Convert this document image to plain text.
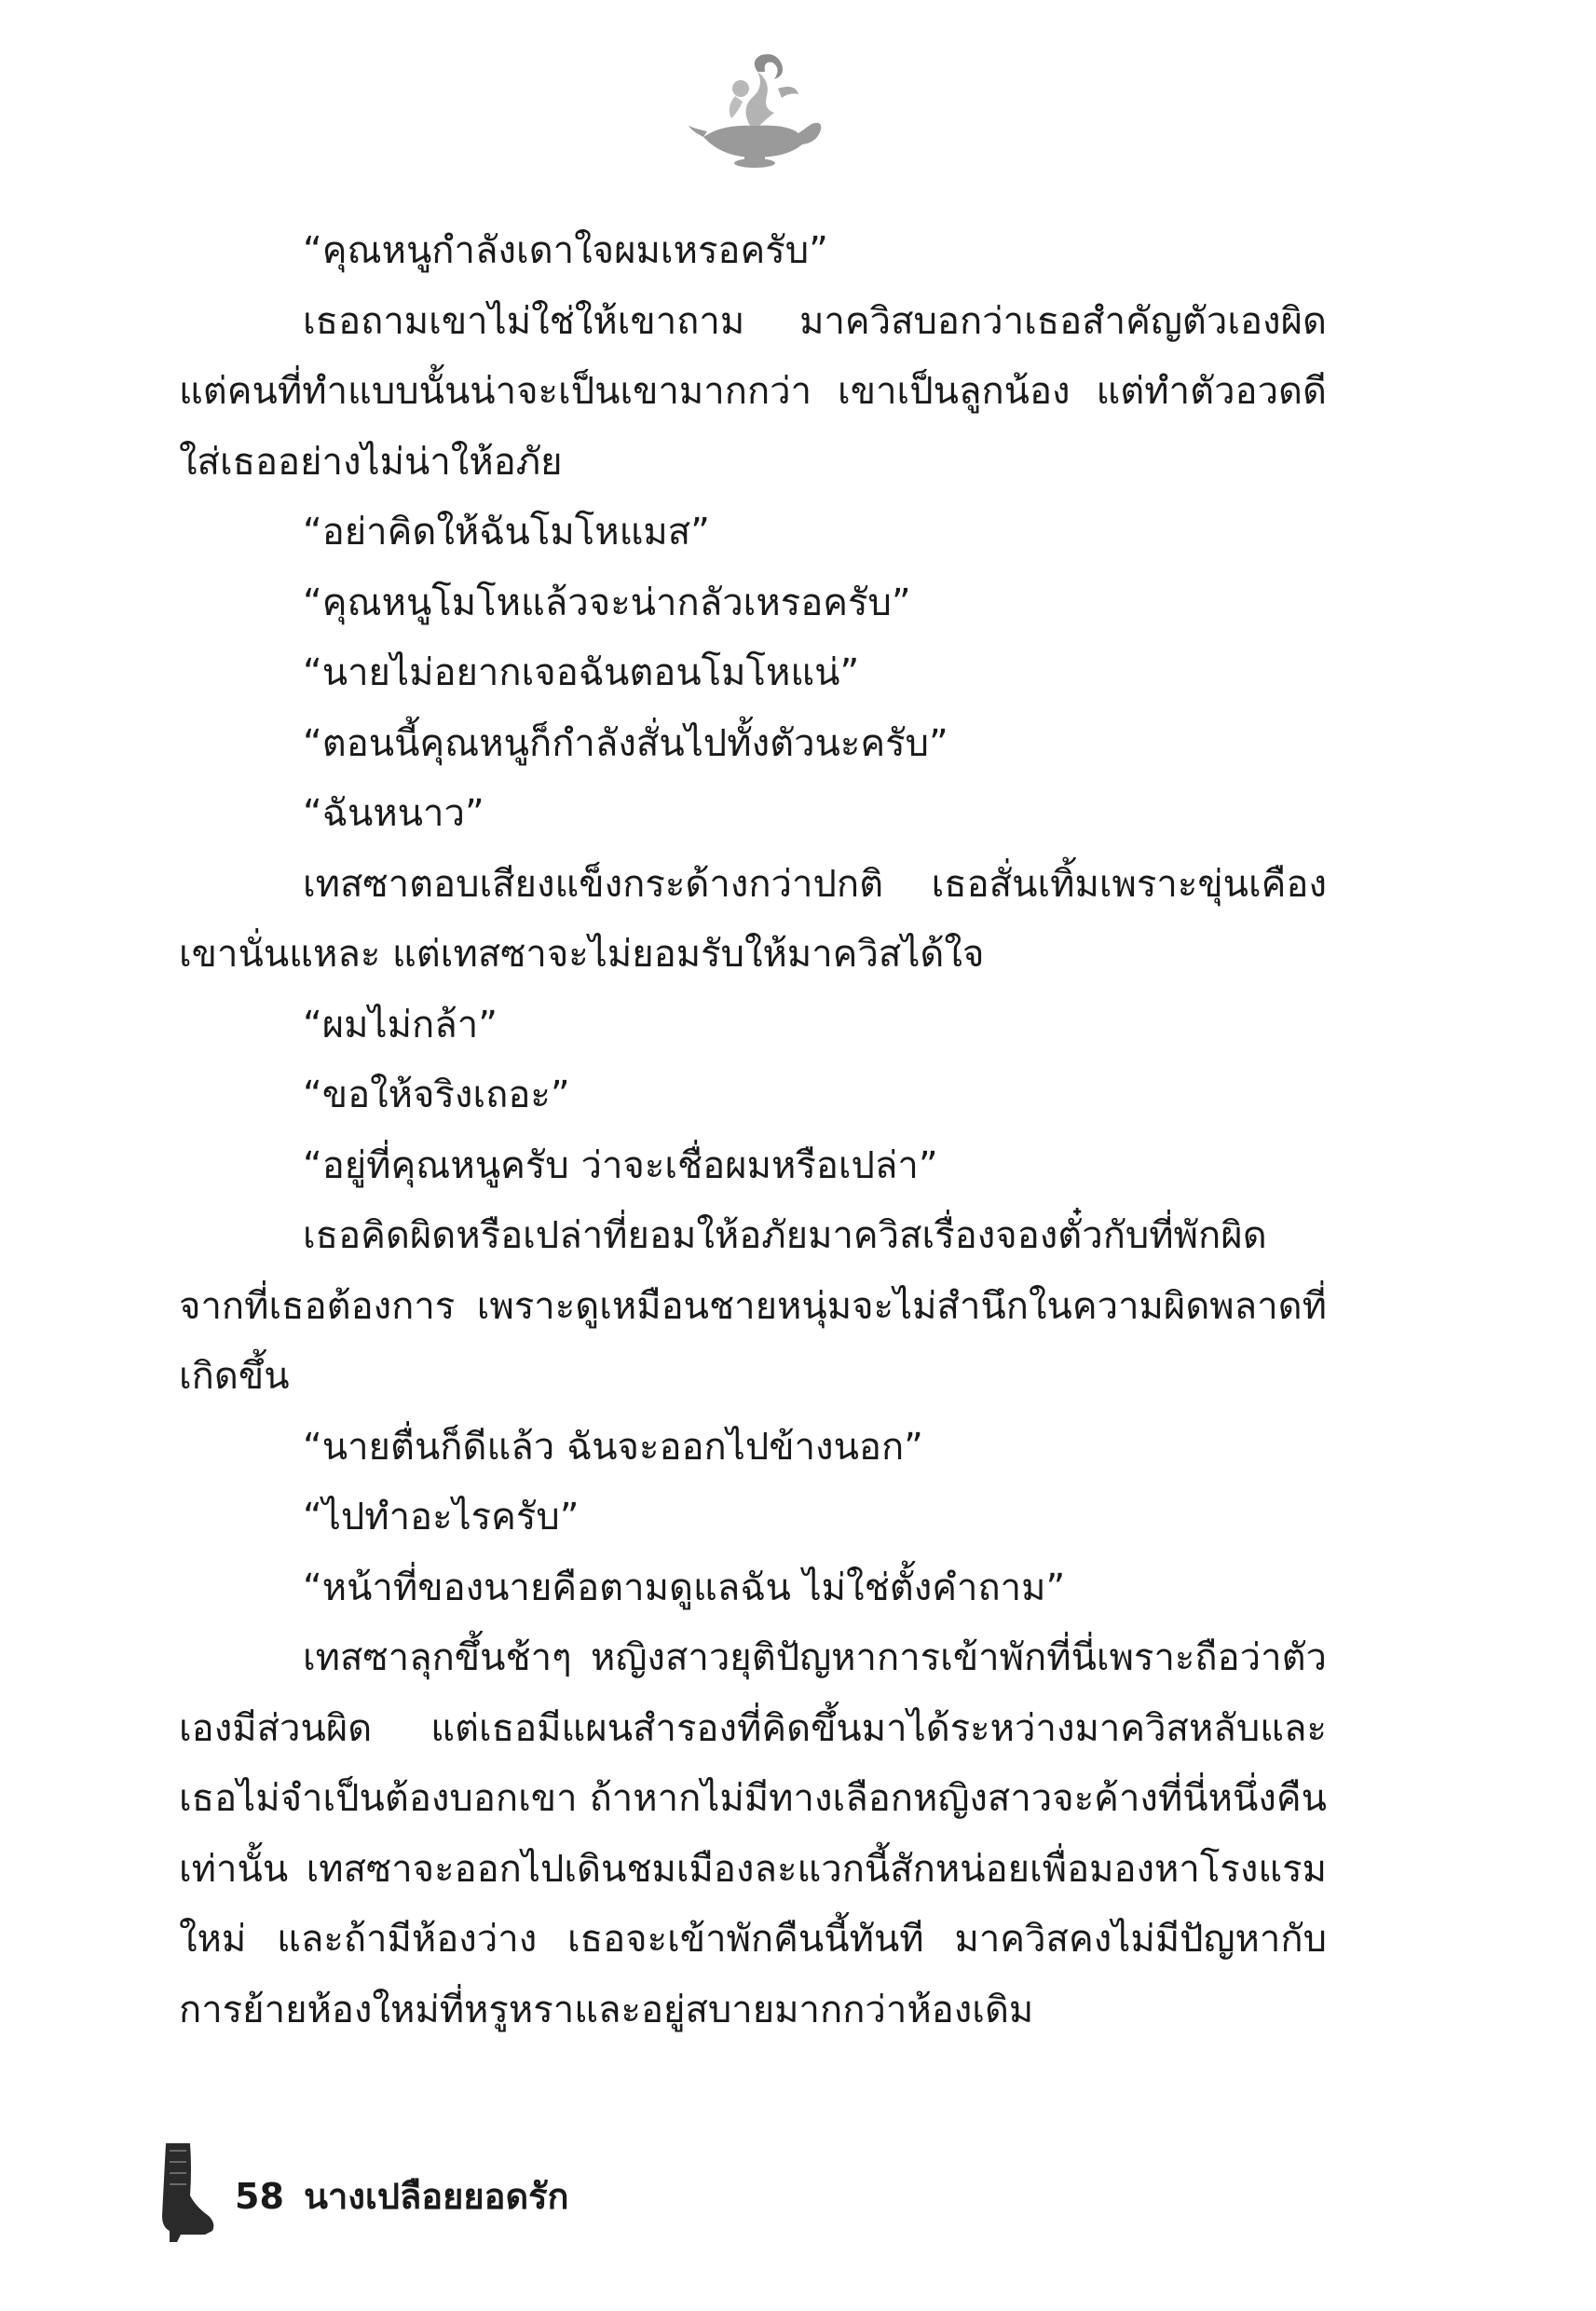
“คุณหนูกำลังเดาใจผมเหรอครับ”

เธอถามเขาไม่ใช่ให้เขาถาม มาควิสบอกว่าเธอสำคัญตัวเองผิด แต่คนที่ทำแบบนั้นน่าจะเป็นเขามากกว่า เขาเป็นลูกน้อง แต่ทำตัวอวดดีใส่เธออย่างไม่น่าให้อภัย

“อย่าคิดให้ฉันโมโหแมส”

“คุณหนูโมโหแล้วจะน่ากลัวเหรอครับ”

“นายไม่อยากเจอฉันตอนโมโหแน่”

“ตอนนี้คุณหนูก็กำลังสั่นไปทั้งตัวนะครับ”

“ฉันหนาว”

เทสซาตอบเสียงแข็งกระด้างกว่าปกติ เธอสั่นเทิ้มเพราะขุ่นเคืองเขานั่นแหละ แต่เทสซาจะไม่ยอมรับให้มาควิสได้ใจ

“ผมไม่กล้า”

“ขอให้จริงเถอะ”

“อยู่ที่คุณหนูครับ ว่าจะเชื่อผมหรือเปล่า”

เธอคิดผิดหรือเปล่าที่ยอมให้อภัยมาควิสเรื่องจองตั๋วกับที่พักผิดจากที่เธอต้องการ เพราะดูเหมือนชายหนุ่มจะไม่สำนึกในความผิดพลาดที่เกิดขึ้น

“นายตื่นก็ดีแล้ว ฉันจะออกไปข้างนอก”

“ไปทำอะไรครับ”

“หน้าที่ของนายคือตามดูแลฉัน ไม่ใช่ตั้งคำถาม”

เทสซาลุกขึ้นช้าๆ หญิงสาวยุติปัญหาการเข้าพักที่นี่เพราะถือว่าตัวเองมีส่วนผิด แต่เธอมีแผนสำรองที่คิดขึ้นมาได้ระหว่างมาควิสหลับและเธอไม่จำเป็นต้องบอกเขา ถ้าหากไม่มีทางเลือกหญิงสาวจะค้างที่นี่หนึ่งคืนเท่านั้น เทสซาจะออกไปเดินชมเมืองละแวกนี้สักหน่อยเพื่อมองหาโรงแรมใหม่ และถ้ามีห้องว่าง เธอจะเข้าพักคืนนี้ทันที มาควิสคงไม่มีปัญหากับการย้ายห้องใหม่ที่หรูหราและอยู่สบายมากกว่าห้องเดิม

58 นางเปลือยยอดรัก
